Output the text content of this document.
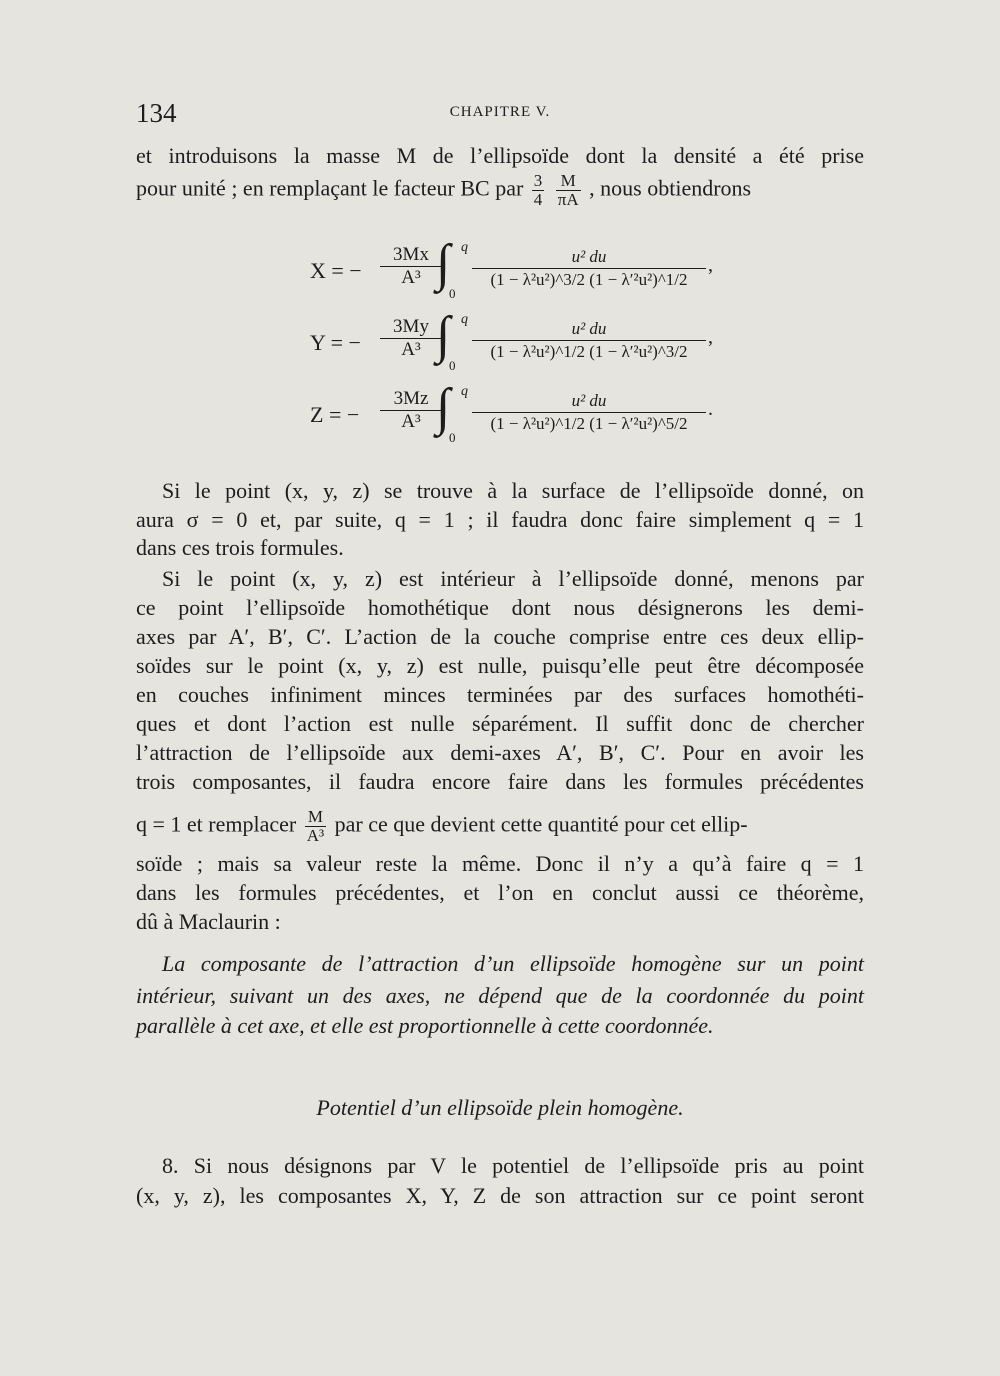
134	CHAPITRE V.
et introduisons la masse M de l’ellipsoïde dont la densité a été prise
pour unité ; en remplaçant le facteur BC par $\frac{3}{4}$
$\frac{M}{\pi A}$ , nous obtiendrons
X = − $\frac{3Mx}{\text{A³}}$
∫ q
0
$\frac{\text{u² du}}{\text{(1 − λ²u²)\textasciicircum{}3/2 (1 − λ′²u²)\textasciicircum{}1/2}}$ ,
Y = − $\frac{3My}{\text{A³}}$
∫ q
0
$\frac{\text{u² du}}{\text{(1 − λ²u²)\textasciicircum{}1/2 (1 − λ′²u²)\textasciicircum{}3/2}}$ ,
Z = − $\frac{3Mz}{\text{A³}}$
∫ q
0
$\frac{\text{u² du}}{\text{(1 − λ²u²)\textasciicircum{}1/2 (1 − λ′²u²)\textasciicircum{}5/2}}$ .
Si le point (x, y, z) se trouve à la surface de l’ellipsoïde donné, on
aura σ = 0 et, par suite, q = 1 ; il faudra donc faire simplement q = 1
dans ces trois formules.
Si le point (x, y, z) est intérieur à l’ellipsoïde donné, menons par
ce point l’ellipsoïde homothétique dont nous désignerons les demi-
axes par A′, B′, C′. L’action de la couche comprise entre ces deux ellip-
soïdes sur le point (x, y, z) est nulle, puisqu’elle peut être décomposée
en couches infiniment minces terminées par des surfaces homothéti-
ques et dont l’action est nulle séparément. Il suffit donc de chercher
l’attraction de l’ellipsoïde aux demi-axes A′, B′, C′. Pour en avoir les
trois composantes, il faudra encore faire dans les formules précédentes
q = 1 et remplacer $\frac{M}{\text{A³}}$ par ce que devient cette quantité pour cet ellip-
soïde ; mais sa valeur reste la même. Donc il n’y a qu’à faire q = 1
dans les formules précédentes, et l’on en conclut aussi ce théorème,
dû à Maclaurin :
La composante de l’attraction d’un ellipsoïde homogène sur un point
intérieur, suivant un des axes, ne dépend que de la coordonnée du point
parallèle à cet axe, et elle est proportionnelle à cette coordonnée.
Potentiel d’un ellipsoïde plein homogène.
8. Si nous désignons par V le potentiel de l’ellipsoïde pris au point
(x, y, z), les composantes X, Y, Z de son attraction sur ce point seront
